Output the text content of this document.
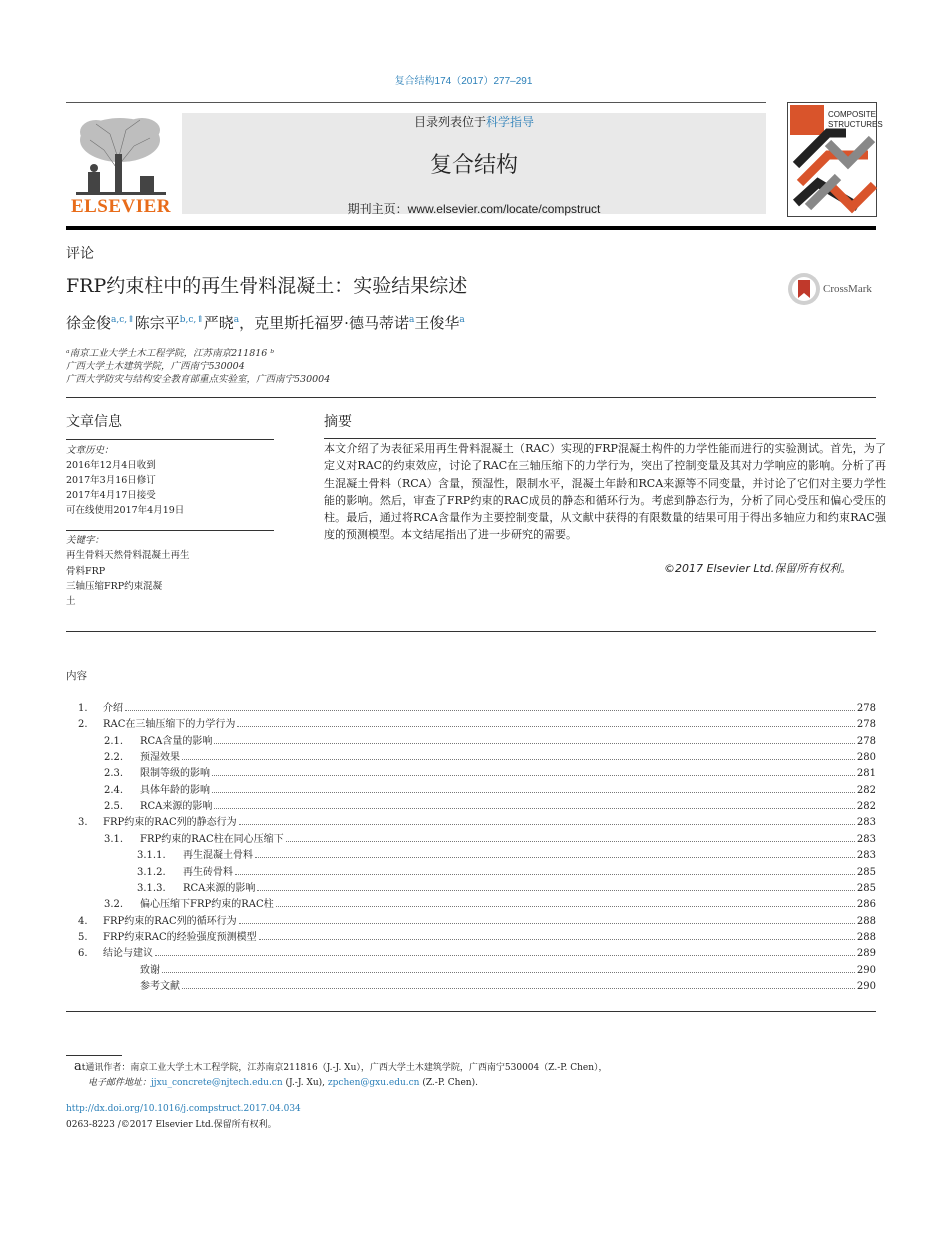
复合结构174（2017）277–291
ELSEVIER
目录列表位于科学指导
复合结构
期刊主页：www.elsevier.com/locate/compstruct
COMPOSITE
STRUCTURES
评论
FRP约束柱中的再生骨料混凝土：实验结果综述	CrossMark
徐金俊$^{a,c,⇑}$陈宗平$^{b,c,⇑}$严晓$^a$，克里斯托福罗·德马蒂诺$^a$王俊华$^a$
ᵃ南京工业大学土木工程学院，江苏南京211816 ᵇ
广西大学土木建筑学院，广西南宁530004
广西大学防灾与结构安全教育部重点实验室，广西南宁530004
文章信息
文章历史：
2016年12月4日收到
2017年3月16日修订
2017年4月17日接受
可在线使用2017年4月19日
关键字：
再生骨料天然骨料混凝土再生
骨料FRP
三轴压缩FRP约束混凝
土
摘要
本文介绍了为表征采用再生骨料混凝土（RAC）实现的FRP混凝土构件的力学性能而进行的实验测试。首先，为了定义对RAC的约束效应，讨论了RAC在三轴压缩下的力学行为，突出了控制变量及其对力学响应的影响。分析了再生混凝土骨料（RCA）含量，预湿性，限制水平，混凝土年龄和RCA来源等不同变量，并讨论了它们对主要力学性能的影响。然后，审查了FRP约束的RAC成员的静态和循环行为。考虑到静态行为，分析了同心受压和偏心受压的柱。最后，通过将RCA含量作为主要控制变量，从文献中获得的有限数量的结果可用于得出多轴应力和约束RAC强度的预测模型。本文结尾指出了进一步研究的需要。
©2017 Elsevier Ltd.保留所有权利。
内容
1.	介绍	278
2.	RAC在三轴压缩下的力学行为	278
2.1.	RCA含量的影响	278
2.2.	预湿效果	280
2.3.	限制等级的影响	281
2.4.	具体年龄的影响	282
2.5.	RCA来源的影响	282
3.	FRP约束的RAC列的静态行为	283
3.1.	FRP约束的RAC柱在同心压缩下	283
3.1.1.	再生混凝土骨料	283
3.1.2.	再生砖骨料	285
3.1.3.	RCA来源的影响	285
3.2.	偏心压缩下FRP约束的RAC柱	286
4.	FRP约束的RAC列的循环行为	288
5.	FRP约束RAC的经验强度预测模型	288
6.	结论与建议	289
致谢	290
参考文献	290
at通讯作者：南京工业大学土木工程学院，江苏南京211816（J.-J. Xu），广西大学土木建筑学院，广西南宁530004（Z.-P. Chen），
电子邮件地址：jjxu_concrete@njtech.edu.cn (J.-J. Xu), zpchen@gxu.edu.cn (Z.-P. Chen).
http://dx.doi.org/10.1016/j.compstruct.2017.04.034
0263-8223 /©2017 Elsevier Ltd.保留所有权利。
